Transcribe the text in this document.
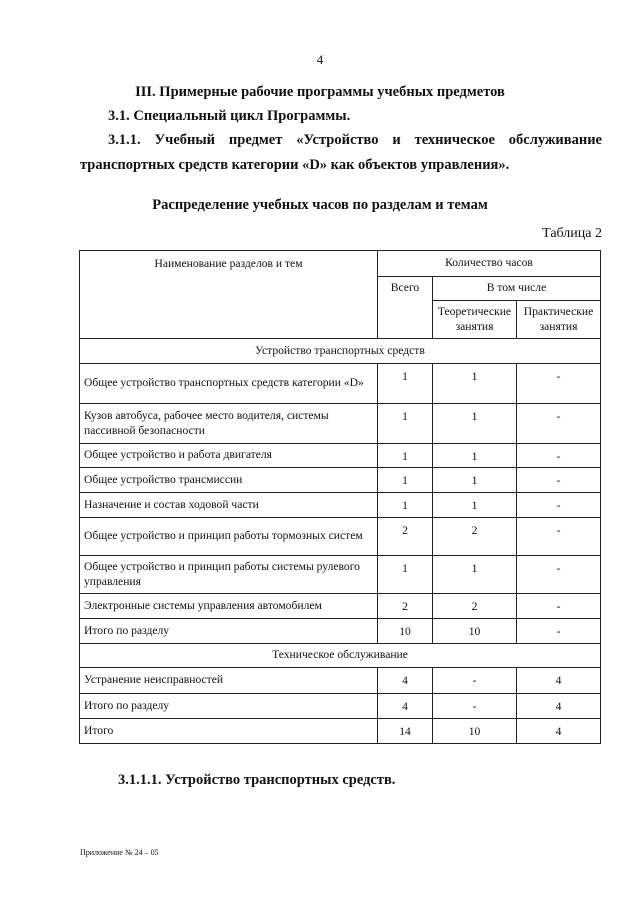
4
III. Примерные рабочие программы учебных предметов
3.1. Специальный цикл Программы.
3.1.1. Учебный предмет «Устройство и техническое обслуживание
транспортных средств категории «D» как объектов управления».
Распределение учебных часов по разделам и темам
Таблица 2
Наименование разделов и тем	Количество часов		
	Всего	В том числе	
		Теоретические занятия	Практические занятия
Устройство транспортных средств			
Общее устройство транспортных средств категории «D»	1	1	-
Кузов автобуса, рабочее место водителя, системы пассивной безопасности	1	1	-
Общее устройство и работа двигателя	1	1	-
Общее устройство трансмиссии	1	1	-
Назначение и состав ходовой части	1	1	-
Общее устройство и принцип работы тормозных систем	2	2	-
Общее устройство и принцип работы системы рулевого управления	1	1	-
Электронные системы управления автомобилем	2	2	-
Итого по разделу	10	10	-
Техническое обслуживание			
Устранение неисправностей	4	-	4
Итого по разделу	4	-	4
Итого	14	10	4
3.1.1.1. Устройство транспортных средств.
Приложение № 24 – 05
